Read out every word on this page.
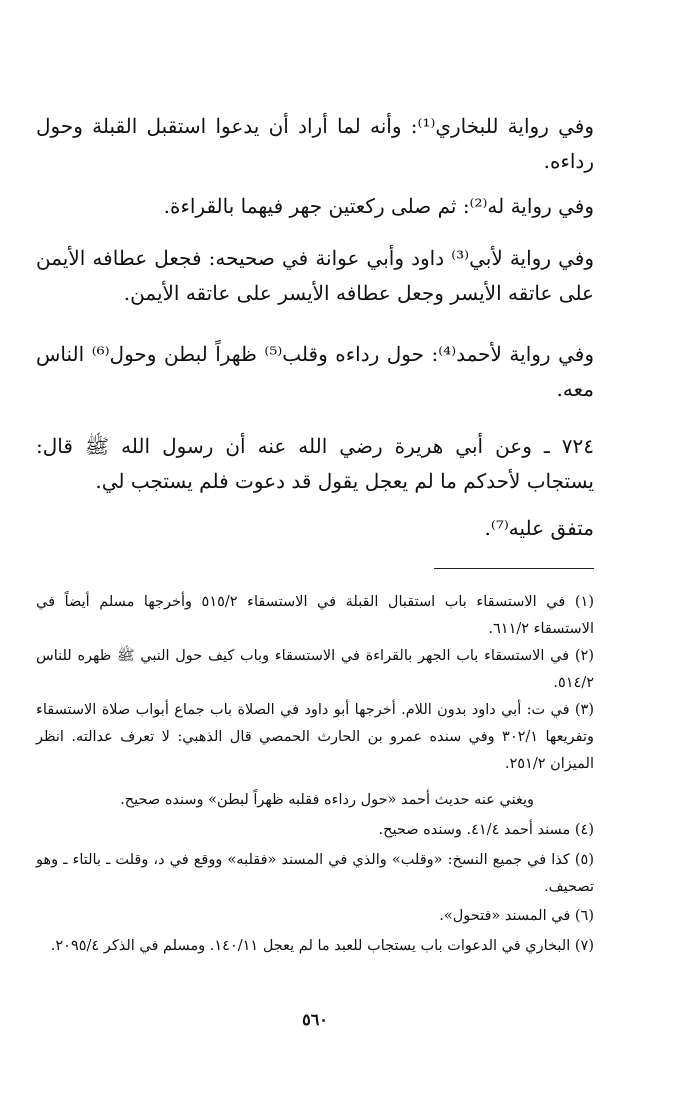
وفي رواية للبخاري⁽¹⁾: وأنه لما أراد أن يدعوا استقبل القبلة وحول رداءه.

وفي رواية له⁽²⁾: ثم صلى ركعتين جهر فيهما بالقراءة.

وفي رواية لأبي⁽³⁾ داود وأبي عوانة في صحيحه: فجعل عطافه الأيمن على عاتقه الأيسر وجعل عطافه الأيسر على عاتقه الأيمن.

وفي رواية لأحمد⁽⁴⁾: حول رداءه وقلب⁽⁵⁾ ظهراً لبطن وحول⁽⁶⁾ الناس معه.

٧٢٤ ـ وعن أبي هريرة رضي الله عنه أن رسول الله ﷺ قال: يستجاب لأحدكم ما لم يعجل يقول قد دعوت فلم يستجب لي.

متفق عليه⁽⁷⁾.

(١) في الاستسقاء باب استقبال القبلة في الاستسقاء ٥١٥/٢ وأخرجها مسلم أيضاً في الاستسقاء ٦١١/٢.

(٢) في الاستسقاء باب الجهر بالقراءة في الاستسقاء وباب كيف حول النبي ﷺ ظهره للناس ٥١٤/٢.

(٣) في ت: أبي داود بدون اللام. أخرجها أبو داود في الصلاة باب جماع أبواب صلاة الاستسقاء وتفريعها ٣٠٢/١ وفي سنده عمرو بن الحارث الحمصي قال الذهبي: لا تعرف عدالته. انظر الميزان ٢٥١/٢.

ويغني عنه حديث أحمد «حول رداءه فقلبه ظهراً لبطن» وسنده صحيح.

(٤) مسند أحمد ٤١/٤. وسنده صحيح.

(٥) كذا في جميع النسخ: «وقلب» والذي في المسند «فقلبه» ووقع في د، وقلت ـ بالتاء ـ وهو تصحيف.

(٦) في المسند «فتحول».

(٧) البخاري في الدعوات باب يستجاب للعبد ما لم يعجل ١٤٠/١١. ومسلم في الذكر ٢٠٩٥/٤.

٥٦٠
